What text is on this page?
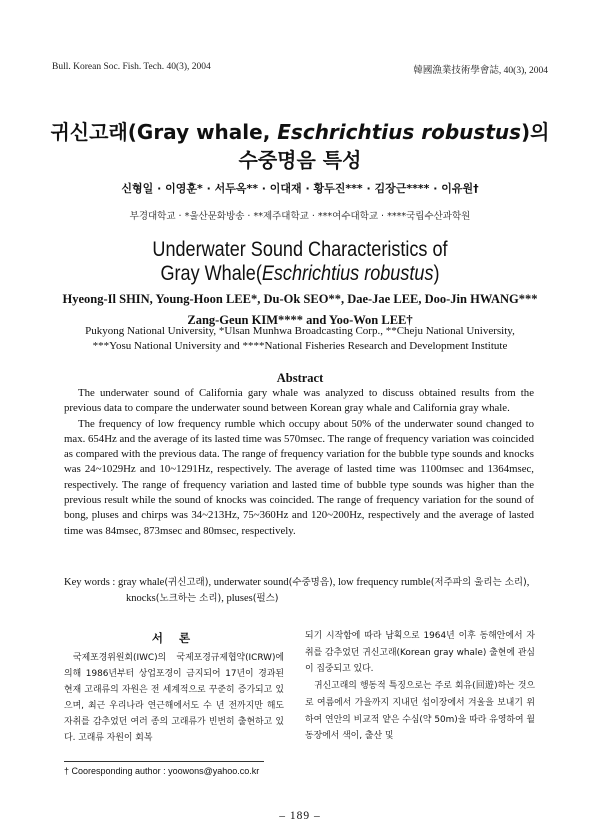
Bull. Korean Soc. Fish. Tech. 40(3), 2004	韓國漁業技術學會誌, 40(3), 2004
귀신고래(Gray whale, Eschrichtius robustus)의
수중명음 특성
신형일 · 이영훈* · 서두옥** · 이대재 · 황두진*** · 김장근**** · 이유원†
부경대학교 · *울산문화방송 · **제주대학교 · ***여수대학교 · ****국립수산과학원
Underwater Sound Characteristics of
Gray Whale(Eschrichtius robustus)
Hyeong-Il SHIN, Young-Hoon LEE*, Du-Ok SEO**, Dae-Jae LEE, Doo-Jin HWANG***
Zang-Geun KIM**** and Yoo-Won LEE†
Pukyong National University, *Ulsan Munhwa Broadcasting Corp., **Cheju National University,
***Yosu National University and ****National Fisheries Research and Development Institute
Abstract

The underwater sound of California gary whale was analyzed to discuss obtained results from the previous data to compare the underwater sound between Korean gray whale and California gray whale.

The frequency of low frequency rumble which occupy about 50% of the underwater sound changed to max. 654Hz and the average of its lasted time was 570msec. The range of frequency variation was coincided as compared with the previous data. The range of frequency variation for the bubble type sounds and knocks was 24~1029Hz and 10~1291Hz, respectively. The average of lasted time was 1100msec and 1364msec, respectively. The range of frequency variation and lasted time of bubble type sounds was higher than the previous result while the sound of knocks was coincided. The range of frequency variation for the sound of bong, pluses and chirps was 34~213Hz, 75~360Hz and 120~200Hz, respectively and the average of lasted time was 84msec, 873msec and 80msec, respectively.

Key words : gray whale(귀신고래), underwater sound(수중명음), low frequency rumble(저주파의 울리는 소리), knocks(노크하는 소리), pluses(펄스)
서 론

국제포경위원회(IWC)의 국제포경규제협약(ICRW)에 의해 1986년부터 상업포경이 금지되어 17년이 경과된 현재 고래류의 자원은 전 세계적으로 꾸준히 증가되고 있으며, 최근 우리나라 연근해에서도 수 년 전까지만 해도 자취를 감추었던 여러 종의 고래류가 빈번히 출현하고 있다. 고래류 자원이 회복

되기 시작함에 따라 남획으로 1964년 이후 동해안에서 자취를 감추었던 귀신고래(Korean gray whale) 출현에 관심이 집중되고 있다.

귀신고래의 행동적 특징으로는 주로 회유(回遊)하는 것으로 여름에서 가을까지 지내던 섭이장에서 겨울을 보내기 위하여 연안의 비교적 얕은 수심(약 50m)을 따라 유영하여 월동장에서 색이, 출산 및

† Cooresponding author : yoowons@yahoo.co.kr
– 189 –
